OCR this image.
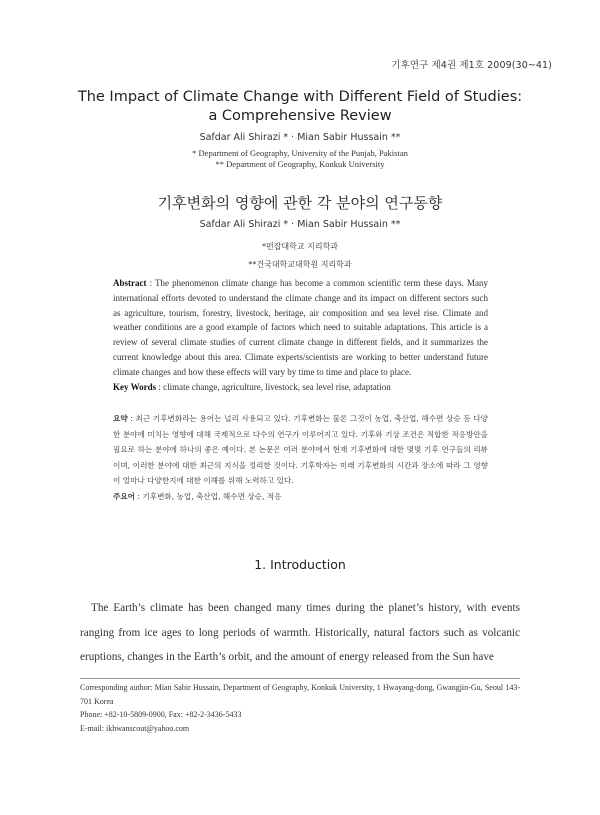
기후연구 제4권 제1호 2009(30~41)
The Impact of Climate Change with Different Field of Studies:
a Comprehensive Review
Safdar Ali Shirazi * · Mian Sabir Hussain **
* Department of Geography, University of the Punjab, Pakistan
** Department of Geography, Konkuk University
기후변화의 영향에 관한 각 분야의 연구동향
Safdar Ali Shirazi * · Mian Sabir Hussain **
*펀잡대학교 지리학과
**건국대학교대학원 지리학과
Abstract : The phenomenon climate change has become a common scientific term these days. Many international efforts devoted to understand the climate change and its impact on different sectors such as agriculture, tourism, forestry, livestock, heritage, air composition and sea level rise. Climate and weather conditions are a good example of factors which need to suitable adaptations. This article is a review of several climate studies of current climate change in different fields, and it summarizes the current knowledge about this area. Climate experts/scientists are working to better understand future climate changes and how these effects will vary by time to time and place to place.
Key Words : climate change, agriculture, livestock, sea level rise, adaptation
요약 : 최근 기후변화라는 용어는 널리 사용되고 있다. 기후변화는 물론 그것이 농업, 축산업, 해수면 상승 등 다양한 분야에 미치는 영향에 대해 국제적으로 다수의 연구가 이루어지고 있다. 기후와 기상 조건은 적합한 적응방안을 필요로 하는 분야에 하나의 좋은 예이다. 본 논문은 여러 분야에서 현재 기후변화에 대한 몇몇 기후 연구들의 리뷰이며, 이러한 분야에 대한 최근의 지식을 정리한 것이다. 기후학자는 미래 기후변화의 시간과 장소에 따라 그 영향이 얼마나 다양한지에 대한 이해를 위해 노력하고 있다.
주요어 : 기후변화, 농업, 축산업, 해수면 상승, 적응
1. Introduction
The Earth’s climate has been changed many times during the planet’s history, with events ranging from ice ages to long periods of warmth. Historically, natural factors such as volcanic eruptions, changes in the Earth’s orbit, and the amount of energy released from the Sun have
Corresponding author: Mian Sabir Hussain, Department of Geography, Konkuk University, 1 Hwayang-dong, Gwangjin-Gu, Seoul 143-701 Korea
Phone: +82-10-5809-0900, Fax: +82-2-3436-5433
E-mail: ikhwanscout@yahoo.com
